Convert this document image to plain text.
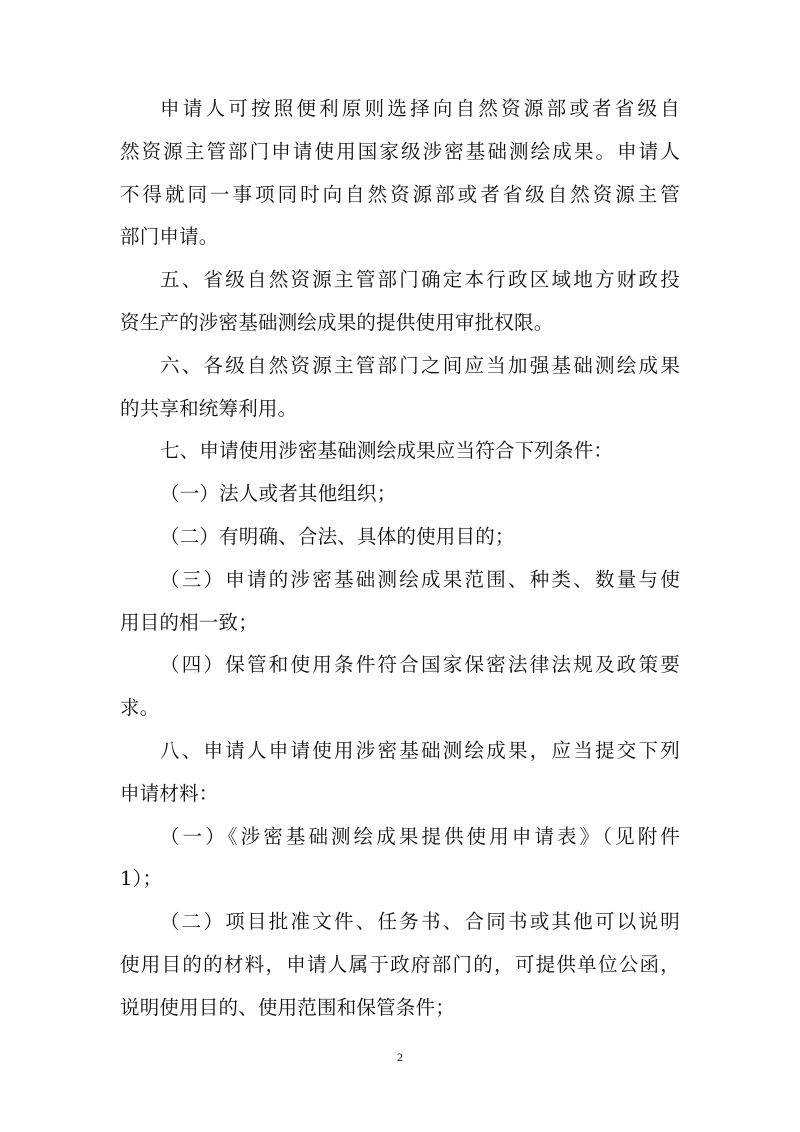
申请人可按照便利原则选择向自然资源部或者省级自
然资源主管部门申请使用国家级涉密基础测绘成果。申请人
不得就同一事项同时向自然资源部或者省级自然资源主管
部门申请。
五、省级自然资源主管部门确定本行政区域地方财政投
资生产的涉密基础测绘成果的提供使用审批权限。
六、各级自然资源主管部门之间应当加强基础测绘成果
的共享和统筹利用。
七、申请使用涉密基础测绘成果应当符合下列条件：
（一）法人或者其他组织；
（二）有明确、合法、具体的使用目的；
（三）申请的涉密基础测绘成果范围、种类、数量与使
用目的相一致；
（四）保管和使用条件符合国家保密法律法规及政策要
求。
八、申请人申请使用涉密基础测绘成果，应当提交下列
申请材料：
（一）《涉密基础测绘成果提供使用申请表》（见附件
1）；
（二）项目批准文件、任务书、合同书或其他可以说明
使用目的的材料，申请人属于政府部门的，可提供单位公函，
说明使用目的、使用范围和保管条件；
2
